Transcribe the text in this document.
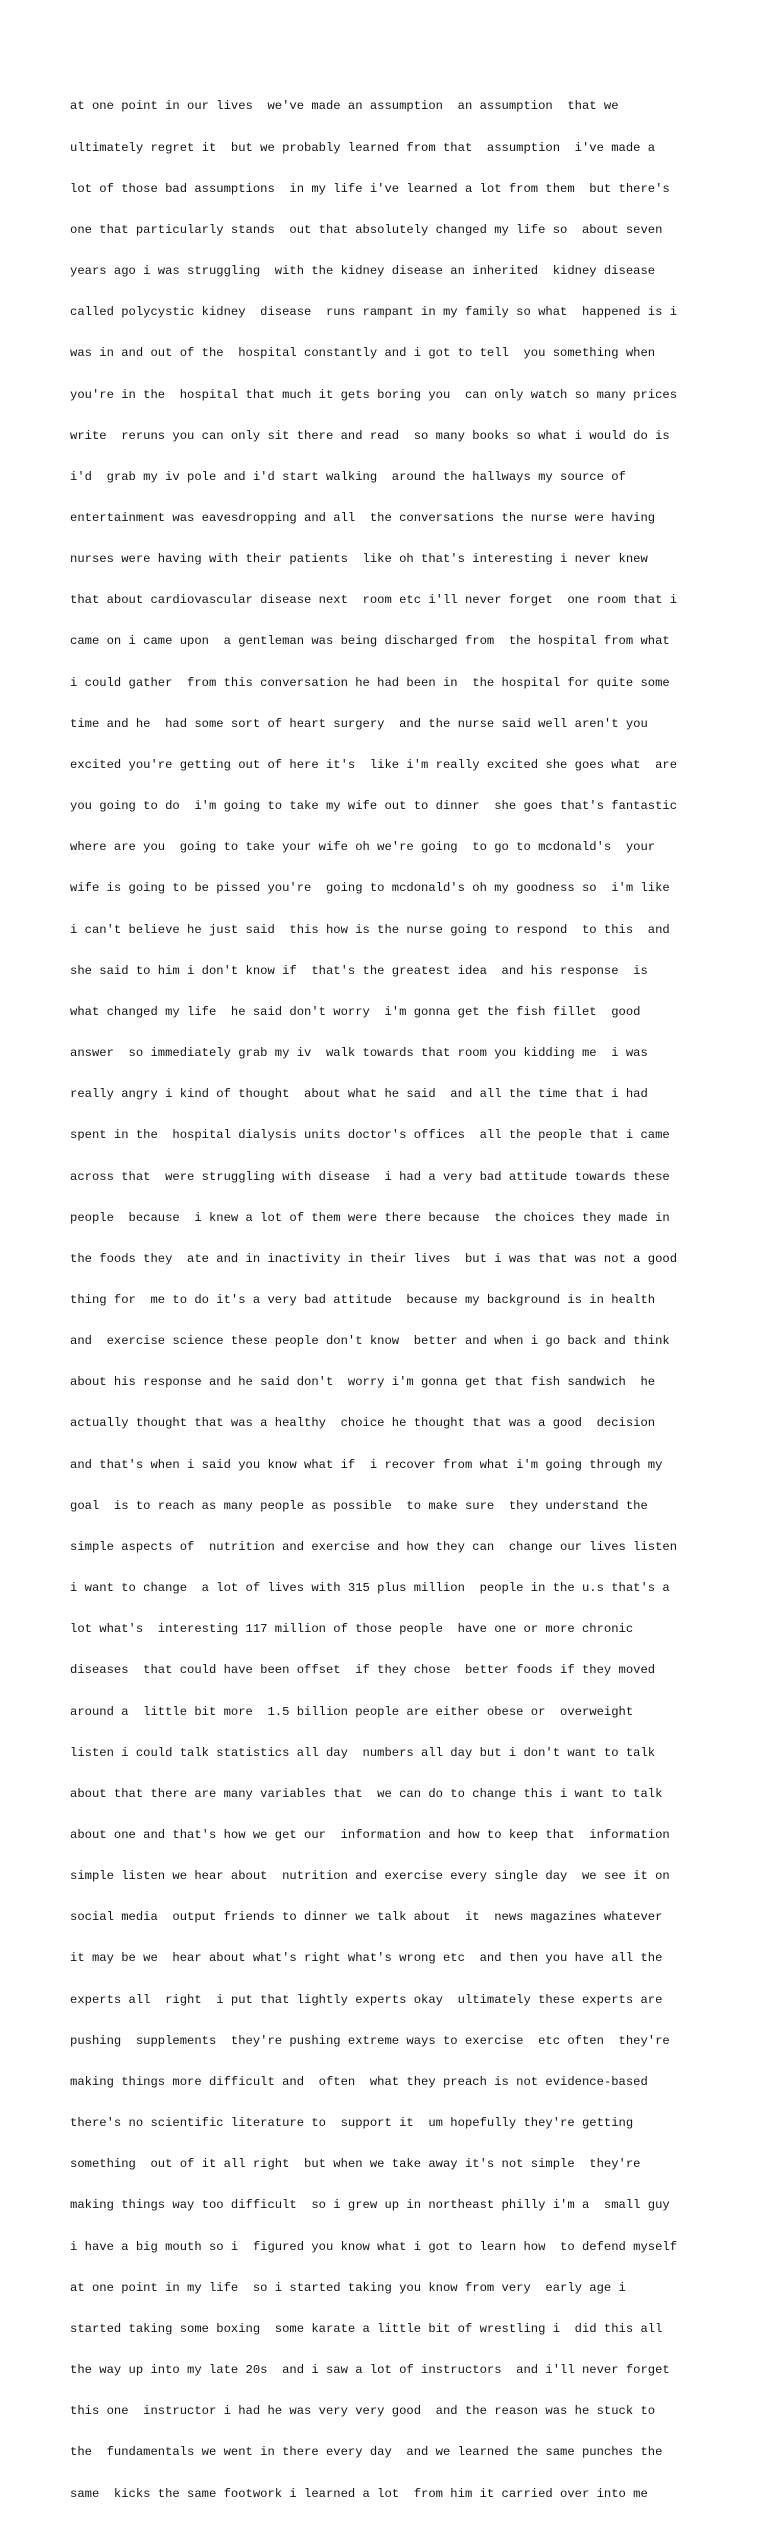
at one point in our lives  we've made an assumption  an assumption  that we

ultimately regret it  but we probably learned from that  assumption  i've made a

lot of those bad assumptions  in my life i've learned a lot from them  but there's

one that particularly stands  out that absolutely changed my life so  about seven

years ago i was struggling  with the kidney disease an inherited  kidney disease

called polycystic kidney  disease  runs rampant in my family so what  happened is i

was in and out of the  hospital constantly and i got to tell  you something when

you're in the  hospital that much it gets boring you  can only watch so many prices

write  reruns you can only sit there and read  so many books so what i would do is

i'd  grab my iv pole and i'd start walking  around the hallways my source of

entertainment was eavesdropping and all  the conversations the nurse were having

nurses were having with their patients  like oh that's interesting i never knew

that about cardiovascular disease next  room etc i'll never forget  one room that i

came on i came upon  a gentleman was being discharged from  the hospital from what

i could gather  from this conversation he had been in  the hospital for quite some

time and he  had some sort of heart surgery  and the nurse said well aren't you

excited you're getting out of here it's  like i'm really excited she goes what  are

you going to do  i'm going to take my wife out to dinner  she goes that's fantastic

where are you  going to take your wife oh we're going  to go to mcdonald's  your

wife is going to be pissed you're  going to mcdonald's oh my goodness so  i'm like

i can't believe he just said  this how is the nurse going to respond  to this  and

she said to him i don't know if  that's the greatest idea  and his response  is

what changed my life  he said don't worry  i'm gonna get the fish fillet  good

answer  so immediately grab my iv  walk towards that room you kidding me  i was

really angry i kind of thought  about what he said  and all the time that i had

spent in the  hospital dialysis units doctor's offices  all the people that i came

across that  were struggling with disease  i had a very bad attitude towards these

people  because  i knew a lot of them were there because  the choices they made in

the foods they  ate and in inactivity in their lives  but i was that was not a good

thing for  me to do it's a very bad attitude  because my background is in health

and  exercise science these people don't know  better and when i go back and think

about his response and he said don't  worry i'm gonna get that fish sandwich  he

actually thought that was a healthy  choice he thought that was a good  decision

and that's when i said you know what if  i recover from what i'm going through my

goal  is to reach as many people as possible  to make sure  they understand the

simple aspects of  nutrition and exercise and how they can  change our lives listen

i want to change  a lot of lives with 315 plus million  people in the u.s that's a

lot what's  interesting 117 million of those people  have one or more chronic

diseases  that could have been offset  if they chose  better foods if they moved

around a  little bit more  1.5 billion people are either obese or  overweight

listen i could talk statistics all day  numbers all day but i don't want to talk

about that there are many variables that  we can do to change this i want to talk

about one and that's how we get our  information and how to keep that  information

simple listen we hear about  nutrition and exercise every single day  we see it on

social media  output friends to dinner we talk about  it  news magazines whatever

it may be we  hear about what's right what's wrong etc  and then you have all the

experts all  right  i put that lightly experts okay  ultimately these experts are

pushing  supplements  they're pushing extreme ways to exercise  etc often  they're

making things more difficult and  often  what they preach is not evidence-based

there's no scientific literature to  support it  um hopefully they're getting

something  out of it all right  but when we take away it's not simple  they're

making things way too difficult  so i grew up in northeast philly i'm a  small guy

i have a big mouth so i  figured you know what i got to learn how  to defend myself

at one point in my life  so i started taking you know from very  early age i

started taking some boxing  some karate a little bit of wrestling i  did this all

the way up into my late 20s  and i saw a lot of instructors  and i'll never forget

this one  instructor i had he was very very good  and the reason was he stuck to

the  fundamentals we went in there every day  and we learned the same punches the

same  kicks the same footwork i learned a lot  from him it carried over into me
